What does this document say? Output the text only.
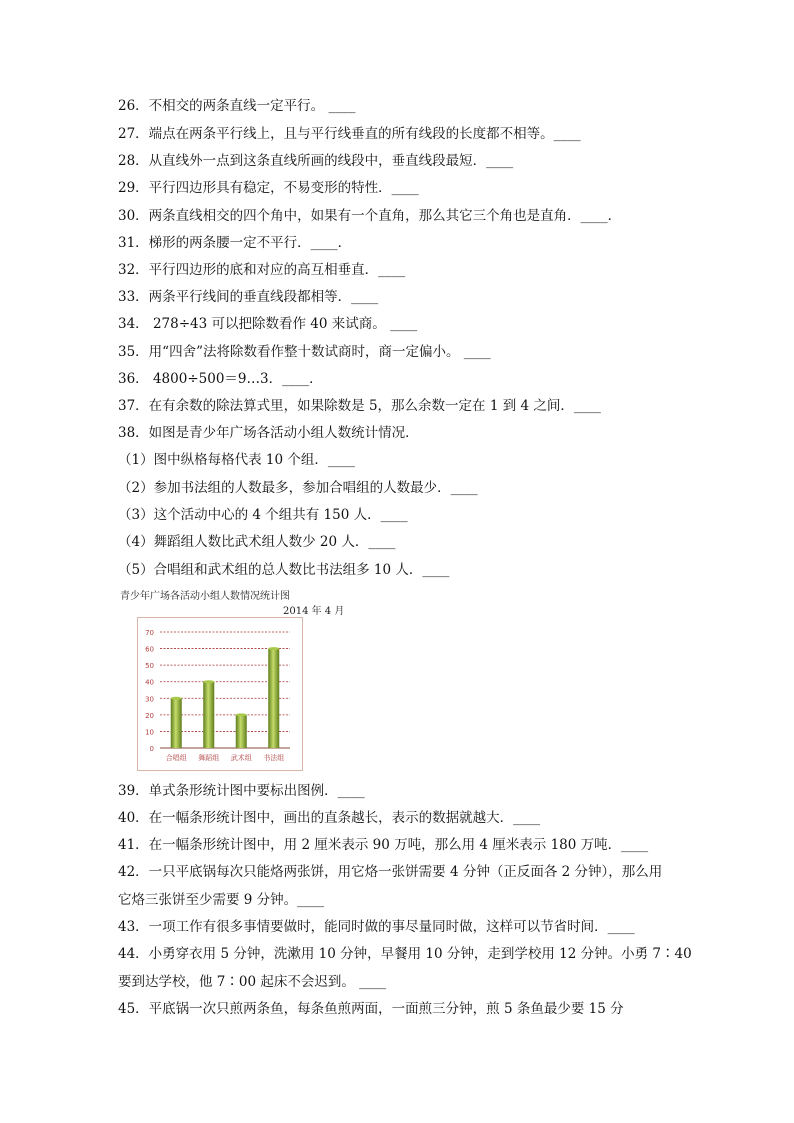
26．不相交的两条直线一定平行。 ____
27．端点在两条平行线上，且与平行线垂直的所有线段的长度都不相等。____
28．从直线外一点到这条直线所画的线段中，垂直线段最短．____
29．平行四边形具有稳定，不易变形的特性．____
30．两条直线相交的四个角中，如果有一个直角，那么其它三个角也是直角．____．
31．梯形的两条腰一定不平行．____．
32．平行四边形的底和对应的高互相垂直．____
33．两条平行线间的垂直线段都相等．____
34． 278÷43 可以把除数看作 40 来试商。 ____
35．用“四舍”法将除数看作整十数试商时，商一定偏小。 ____
36． 4800÷500＝9…3．____．
37．在有余数的除法算式里，如果除数是 5，那么余数一定在 1 到 4 之间．____
38．如图是青少年广场各活动小组人数统计情况．
（1）图中纵格每格代表 10 个组．____
（2）参加书法组的人数最多，参加合唱组的人数最少．____
（3）这个活动中心的 4 个组共有 150 人．____
（4）舞蹈组人数比武术组人数少 20 人．____
（5）合唱组和武术组的总人数比书法组多 10 人．____
青少年广场各活动小组人数情况统计图
2014 年 4 月
0
10
20
30
40
50
60
70
合唱组 舞蹈组 武术组 书法组
39．单式条形统计图中要标出图例．____
40．在一幅条形统计图中，画出的直条越长，表示的数据就越大．____
41．在一幅条形统计图中，用 2 厘米表示 90 万吨，那么用 4 厘米表示 180 万吨．____
42．一只平底锅每次只能烙两张饼，用它烙一张饼需要 4 分钟（正反面各 2 分钟），那么用
它烙三张饼至少需要 9 分钟。____
43．一项工作有很多事情要做时，能同时做的事尽量同时做，这样可以节省时间．____
44．小勇穿衣用 5 分钟，洗漱用 10 分钟，早餐用 10 分钟，走到学校用 12 分钟。小勇 7∶40
要到达学校，他 7∶00 起床不会迟到。 ____
45．平底锅一次只煎两条鱼，每条鱼煎两面，一面煎三分钟，煎 5 条鱼最少要 15 分
